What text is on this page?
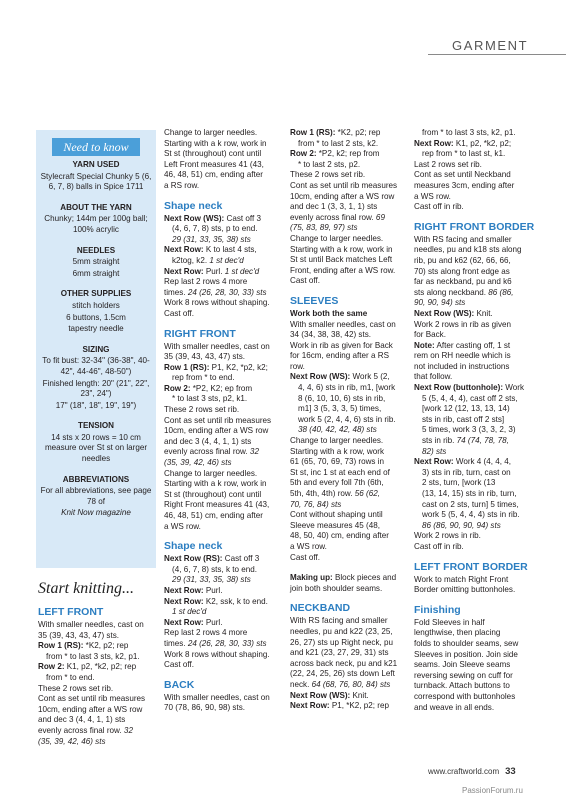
GARMENT
Need to know
YARN USED

Stylecraft Special Chunky 5 (6, 6, 7, 8) balls in Spice 1711

ABOUT THE YARN

Chunky; 144m per 100g ball; 100% acrylic

NEEDLES

5mm straight

6mm straight

OTHER SUPPLIES

stitch holders

6 buttons, 1.5cm

tapestry needle

SIZING

To fit bust: 32-34" (36-38", 40-42", 44-46", 48-50")

Finished length: 20" (21", 22", 23", 24")

17" (18", 18", 19", 19")

TENSION

14 sts x 20 rows = 10 cm measure over St st on larger needles

ABBREVIATIONS

For all abbreviations, see page 78 of

Knit Now magazine

Start knitting...
LEFT FRONT

With smaller needles, cast on

35 (39, 43, 43, 47) sts.

Row 1 (RS): *K2, p2; rep

from * to last 3 sts, k2, p1.

Row 2: K1, p2, *k2, p2; rep

from * to end.

These 2 rows set rib.

Cont as set until rib measures

10cm, ending after a WS row

and dec 3 (4, 4, 1, 1) sts

evenly across final row. 32

(35, 39, 42, 46) sts

Change to larger needles.

Starting with a k row, work in

St st (throughout) cont until

Left Front measures 41 (43,

46, 48, 51) cm, ending after

a RS row.

Shape neck

Next Row (WS): Cast off 3

(4, 6, 7, 8) sts, p to end.

29 (31, 33, 35, 38) sts

Next Row: K to last 4 sts,

k2tog, k2. 1 st dec'd

Next Row: Purl. 1 st dec'd

Rep last 2 rows 4 more

times. 24 (26, 28, 30, 33) sts

Work 8 rows without shaping.

Cast off.

RIGHT FRONT

With smaller needles, cast on

35 (39, 43, 43, 47) sts.

Row 1 (RS): P1, K2, *p2, k2;

rep from * to end.

Row 2: *P2, K2; ep from

* to last 3 sts, p2, k1.

These 2 rows set rib.

Cont as set until rib measures

10cm, ending after a WS row

and dec 3 (4, 4, 1, 1) sts

evenly across final row. 32

(35, 39, 42, 46) sts

Change to larger needles.

Starting with a k row, work in

St st (throughout) cont until

Right Front measures 41 (43,

46, 48, 51) cm, ending after

a WS row.

Shape neck

Next Row (RS): Cast off 3

(4, 6, 7, 8) sts, k to end.

29 (31, 33, 35, 38) sts

Next Row: Purl.

Next Row: K2, ssk, k to end.

1 st dec'd

Next Row: Purl.

Rep last 2 rows 4 more

times. 24 (26, 28, 30, 33) sts

Work 8 rows without shaping.

Cast off.

BACK

With smaller needles, cast on

70 (78, 86, 90, 98) sts.

Row 1 (RS): *K2, p2; rep

from * to last 2 sts, k2.

Row 2: *P2, k2; rep from

* to last 2 sts, p2.

These 2 rows set rib.

Cont as set until rib measures

10cm, ending after a WS row

and dec 1 (3, 3, 1, 1) sts

evenly across final row. 69

(75, 83, 89, 97) sts

Change to larger needles.

Starting with a k row, work in

St st until Back matches Left

Front, ending after a WS row.

Cast off.

SLEEVES

Work both the same

With smaller needles, cast on

34 (34, 38, 38, 42) sts.

Work in rib as given for Back

for 16cm, ending after a RS

row.

Next Row (WS): Work 5 (2,

4, 4, 6) sts in rib, m1, [work

8 (6, 10, 10, 6) sts in rib,

m1] 3 (5, 3, 3, 5) times,

work 5 (2, 4, 4, 6) sts in rib.

38 (40, 42, 42, 48) sts

Change to larger needles.

Starting with a k row, work

61 (65, 70, 69, 73) rows in

St st, inc 1 st at each end of

5th and every foll 7th (6th,

5th, 4th, 4th) row. 56 (62,

70, 76, 84) sts

Cont without shaping until

Sleeve measures 45 (48,

48, 50, 40) cm, ending after

a WS row.

Cast off.

Making up: Block pieces and

join both shoulder seams.

NECKBAND

With RS facing and smaller

needles, pu and k22 (23, 25,

26, 27) sts up Right neck, pu

and k21 (23, 27, 29, 31) sts

across back neck, pu and k21

(22, 24, 25, 26) sts down Left

neck. 64 (68, 76, 80, 84) sts

Next Row (WS): Knit.

Next Row: P1, *K2, p2; rep

from * to last 3 sts, k2, p1.

Next Row: K1, p2, *k2, p2;

rep from * to last st, k1.

Last 2 rows set rib.

Cont as set until Neckband

measures 3cm, ending after

a WS row.

Cast off in rib.

RIGHT FRONT BORDER

With RS facing and smaller

needles, pu and k18 sts along

rib, pu and k62 (62, 66, 66,

70) sts along front edge as

far as neckband, pu and k6

sts along neckband. 86 (86,

90, 90, 94) sts

Next Row (WS): Knit.

Work 2 rows in rib as given

for Back.

Note: After casting off, 1 st

rem on RH needle which is

not included in instructions

that follow.

Next Row (buttonhole): Work

5 (5, 4, 4, 4), cast off 2 sts,

[work 12 (12, 13, 13, 14)

sts in rib, cast off 2 sts]

5 times, work 3 (3, 3, 2, 3)

sts in rib. 74 (74, 78, 78,

82) sts

Next Row: Work 4 (4, 4, 4,

3) sts in rib, turn, cast on

2 sts, turn, [work (13

(13, 14, 15) sts in rib, turn,

cast on 2 sts, turn] 5 times,

work 5 (5, 4, 4, 4) sts in rib.

86 (86, 90, 90, 94) sts

Work 2 rows in rib.

Cast off in rib.

LEFT FRONT BORDER

Work to match Right Front

Border omitting buttonholes.

Finishing

Fold Sleeves in half

lengthwise, then placing

folds to shoulder seams, sew

Sleeves in position. Join side

seams. Join Sleeve seams

reversing sewing on cuff for

turnback. Attach buttons to

correspond with buttonholes

and weave in all ends.

www.craftworld.com 33
PassionForum.ru
